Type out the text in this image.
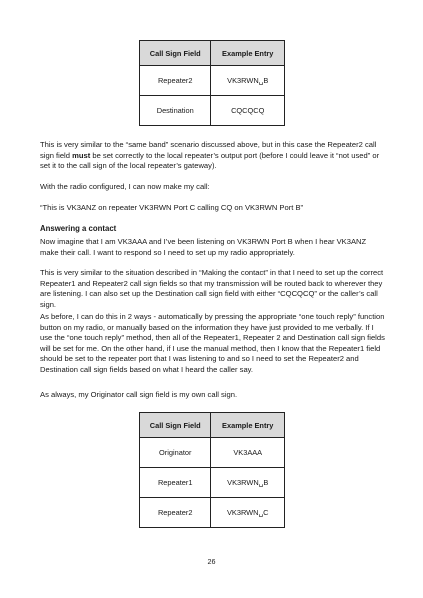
Call Sign Field	Example Entry
Repeater2	VK3RWN␣B
Destination	CQCQCQ

This is very similar to the “same band” scenario discussed above, but in this case the Repeater2 call sign field must be set correctly to the local repeater’s output port (before I could leave it “not used” or set it to the call sign of the local repeater’s gateway).

With the radio configured, I can now make my call:

“This is VK3ANZ on repeater VK3RWN Port C calling CQ on VK3RWN Port B”

Answering a contact

Now imagine that I am VK3AAA and I’ve been listening on VK3RWN Port B when I hear VK3ANZ make their call. I want to respond so I need to set up my radio appropriately.

This is very similar to the situation described in “Making the contact” in that I need to set up the correct Repeater1 and Repeater2 call sign fields so that my transmission will be routed back to wherever they are listening. I can also set up the Destination call sign field with either “CQCQCQ” or the caller’s call sign.

As before, I can do this in 2 ways - automatically by pressing the appropriate “one touch reply” function button on my radio, or manually based on the information they have just provided to me verbally. If I use the “one touch reply” method, then all of the Repeater1, Repeater 2 and Destination call sign fields will be set for me. On the other hand, if I use the manual method, then I know that the Repeater1 field should be set to the repeater port that I was listening to and so I need to set the Repeater2 and Destination call sign fields based on what I heard the caller say.

As always, my Originator call sign field is my own call sign.

Call Sign Field	Example Entry
Originator	VK3AAA
Repeater1	VK3RWN␣B
Repeater2	VK3RWN␣C
26
